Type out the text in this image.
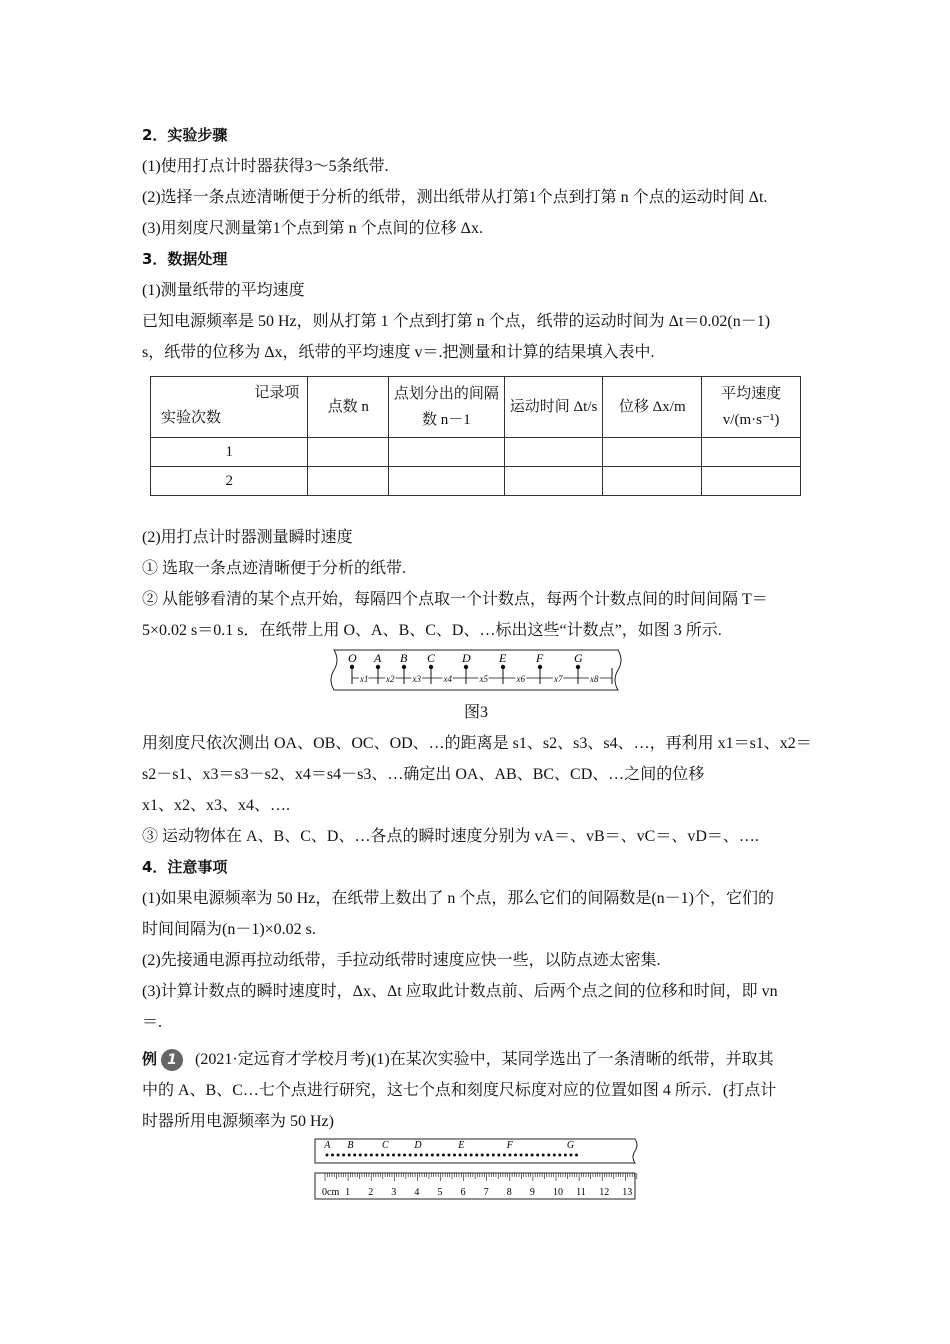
2．实验步骤
(1)使用打点计时器获得3～5条纸带.
(2)选择一条点迹清晰便于分析的纸带，测出纸带从打第1个点到打第 n 个点的运动时间 Δt.
(3)用刻度尺测量第1个点到第 n 个点间的位移 Δx.
3．数据处理
(1)测量纸带的平均速度
已知电源频率是 50 Hz，则从打第 1 个点到打第 n 个点，纸带的运动时间为 Δt＝0.02(n－1)
s，纸带的位移为 Δx，纸带的平均速度 v＝.把测量和计算的结果填入表中.
记录项
实验次数	点数 n	点划分出的间隔数 n－1	运动时间 Δt/s	位移 Δx/m	平均速度 v/(m·s⁻¹)
1					
2					
(2)用打点计时器测量瞬时速度
① 选取一条点迹清晰便于分析的纸带.
② 从能够看清的某个点开始，每隔四个点取一个计数点，每两个计数点间的时间间隔 T＝
5×0.02 s＝0.1 s．在纸带上用 O、A、B、C、D、…标出这些“计数点”，如图 3 所示.
O A B C D E F	G
x1 x2 x3	x4	x5	x6	x7	x8
图3
用刻度尺依次测出 OA、OB、OC、OD、…的距离是 s1、s2、s3、s4、…，再利用 x1＝s1、x2＝
s2－s1、x3＝s3－s2、x4＝s4－s3、…确定出 OA、AB、BC、CD、…之间的位移
x1、x2、x3、x4、….
③ 运动物体在 A、B、C、D、…各点的瞬时速度分别为 vA＝、vB＝、vC＝、vD＝、….
4．注意事项
(1)如果电源频率为 50 Hz，在纸带上数出了 n 个点，那么它们的间隔数是(n－1)个，它们的
时间间隔为(n－1)×0.02 s.
(2)先接通电源再拉动纸带，手拉动纸带时速度应快一些，以防点迹太密集.
(3)计算计数点的瞬时速度时，Δx、Δt 应取此计数点前、后两个点之间的位移和时间，即 vn
＝.
例 1 (2021·定远育才学校月考)(1)在某次实验中，某同学选出了一条清晰的纸带，并取其
中的 A、B、C…七个点进行研究，这七个点和刻度尺标度对应的位置如图 4 所示．(打点计
时器所用电源频率为 50 Hz)
A B	C	D	E	F	G
0cm 1 2 3 4 5 6 7 8 9 10 11 12 13
